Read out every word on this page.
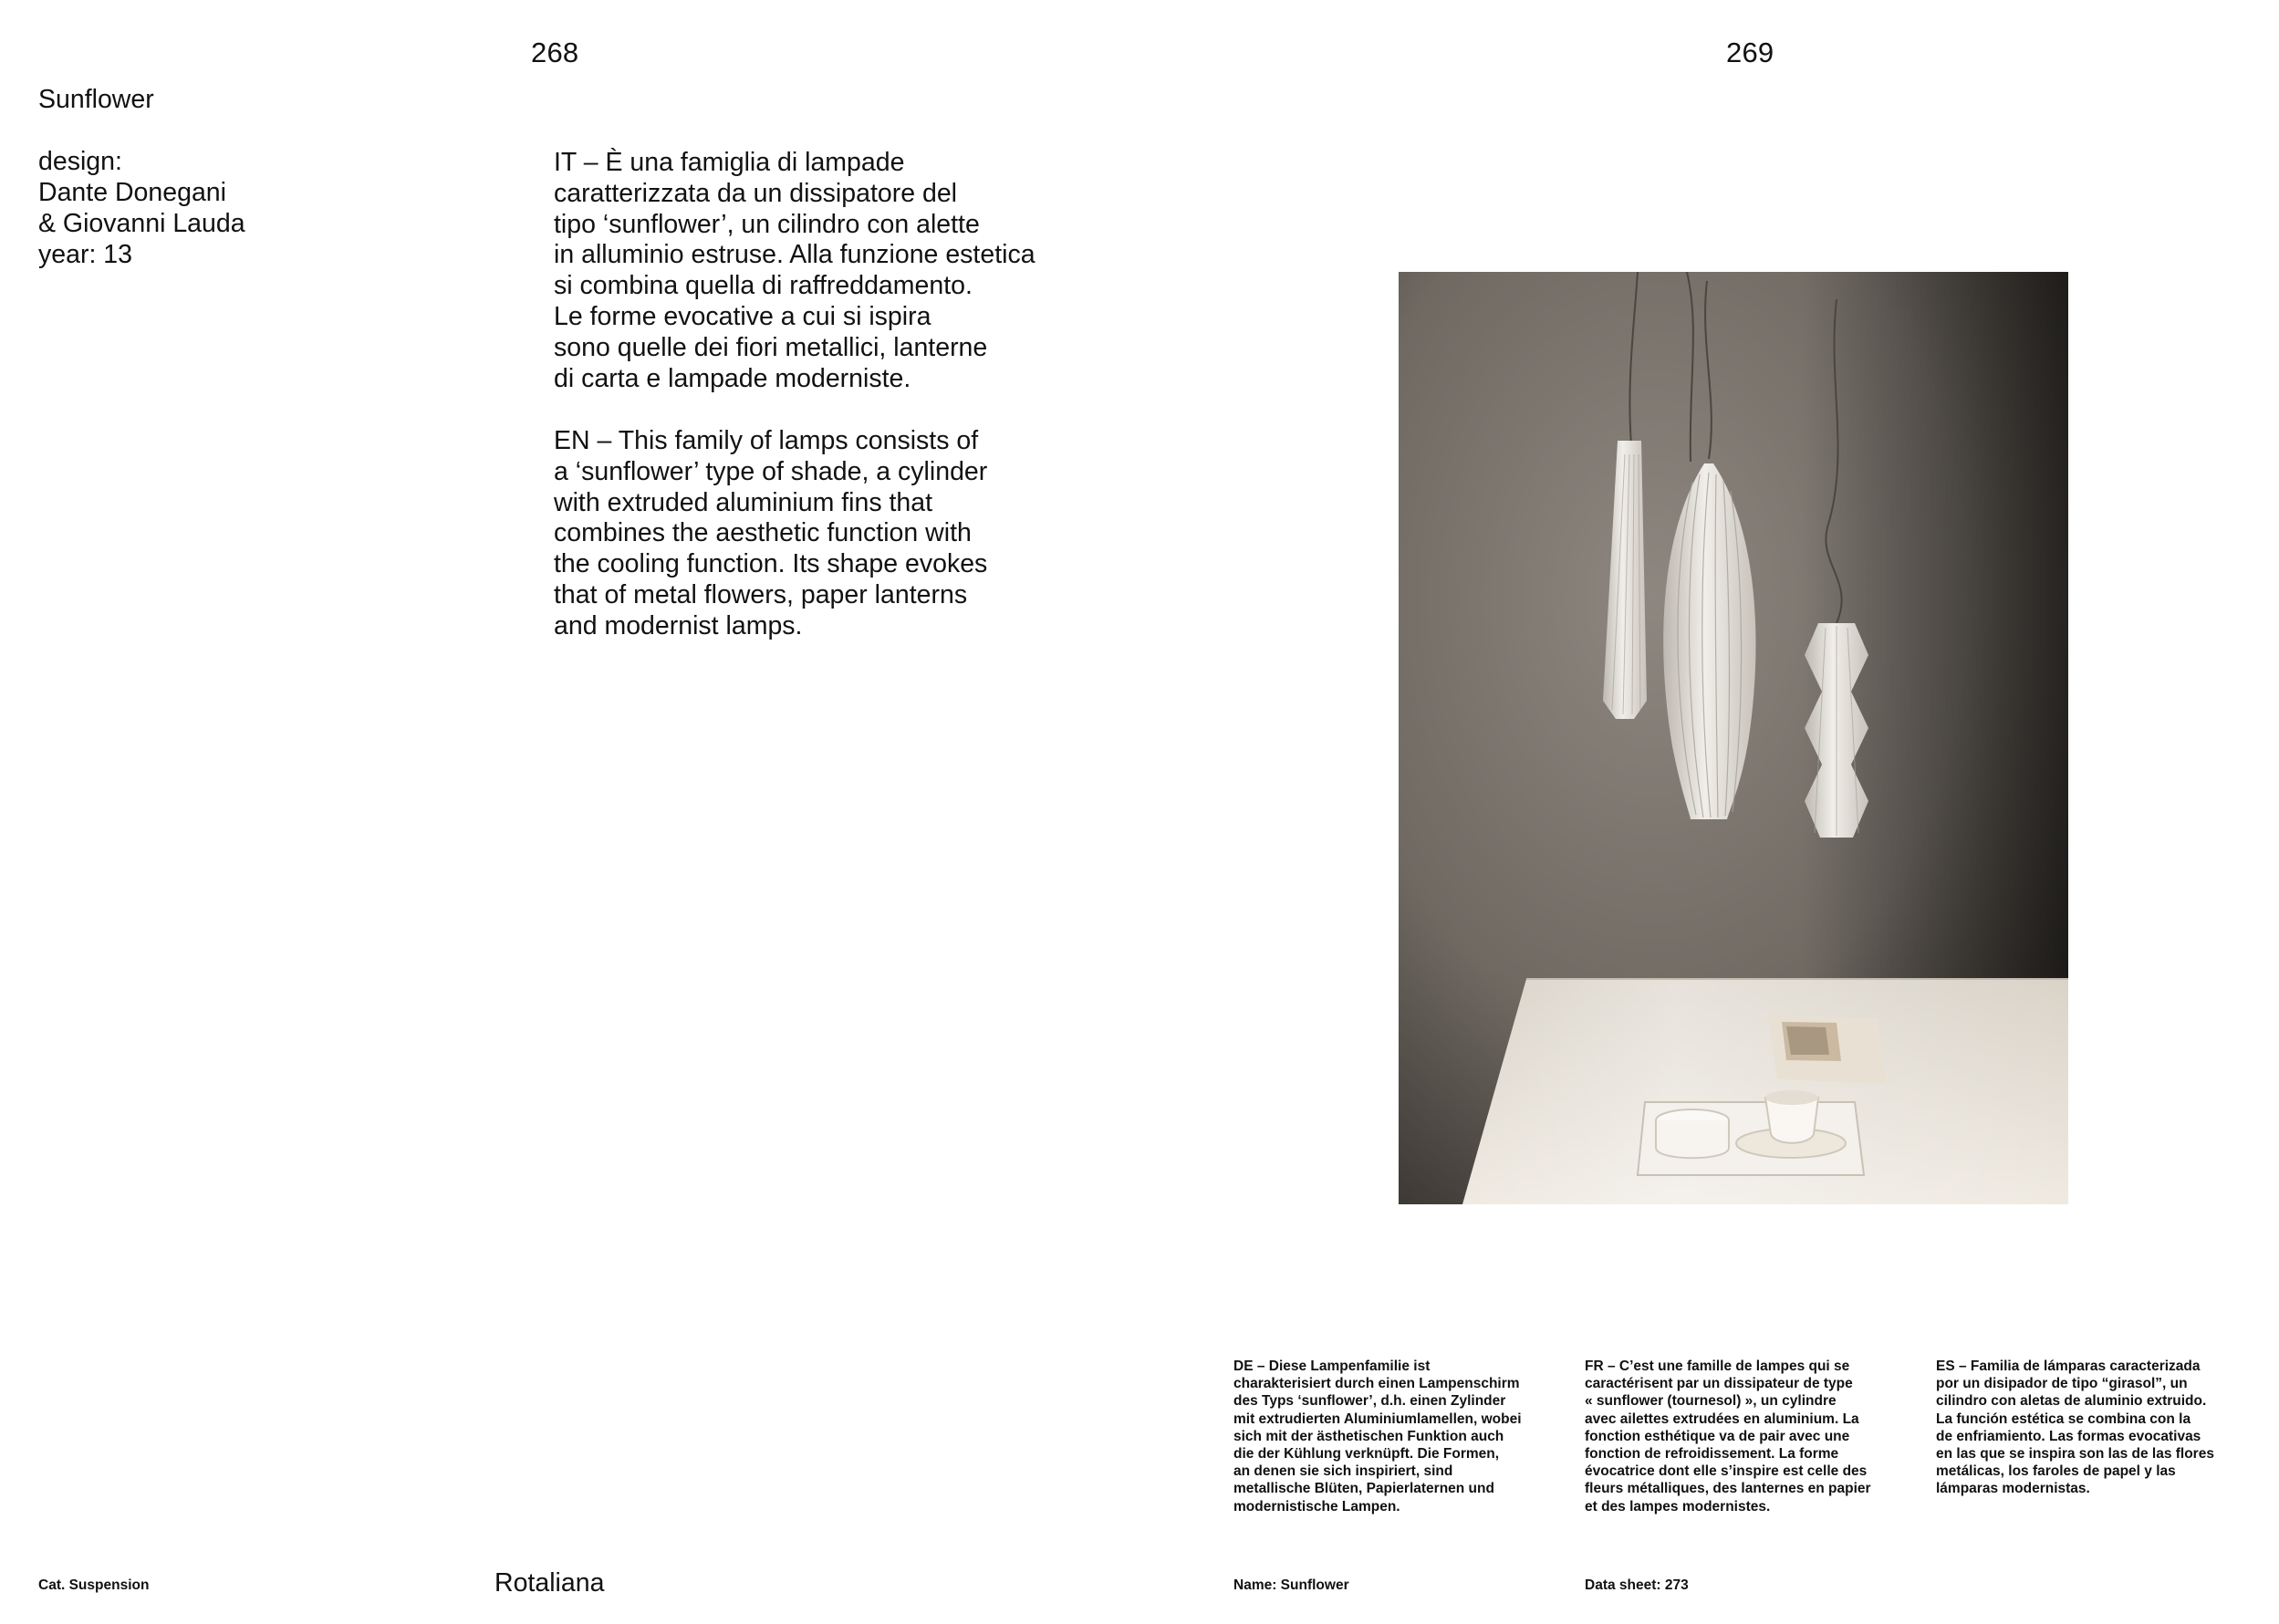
268

Sunflower

design:

Dante Donegani

& Giovanni Lauda

year: 13

IT – È una famiglia di lampade
caratterizzata da un dissipatore del
tipo ‘sunflower’, un cilindro con alette
in alluminio estruse. Alla funzione estetica
si combina quella di raffreddamento.
Le forme evocative a cui si ispira
sono quelle dei fiori metallici, lanterne
di carta e lampade moderniste.
EN – This family of lamps consists of
a ‘sunflower’ type of shade, a cylinder
with extruded aluminium fins that
combines the aesthetic function with
the cooling function. Its shape evokes
that of metal flowers, paper lanterns
and modernist lamps.
Cat. Suspension	Rotaliana
269
DE – Diese Lampenfamilie ist
charakterisiert durch einen Lampenschirm
des Typs ‘sunflower’, d.h. einen Zylinder
mit extrudierten Aluminiumlamellen, wobei
sich mit der ästhetischen Funktion auch
die der Kühlung verknüpft. Die Formen,
an denen sie sich inspiriert, sind
metallische Blüten, Papierlaternen und
modernistische Lampen.
FR – C’est une famille de lampes qui se
caractérisent par un dissipateur de type
« sunflower (tournesol) », un cylindre
avec ailettes extrudées en aluminium. La
fonction esthétique va de pair avec une
fonction de refroidissement. La forme
évocatrice dont elle s’inspire est celle des
fleurs métalliques, des lanternes en papier
et des lampes modernistes.
ES – Familia de lámparas caracterizada
por un disipador de tipo “girasol”, un
cilindro con aletas de aluminio extruido.
La función estética se combina con la
de enfriamiento. Las formas evocativas
en las que se inspira son las de las flores
metálicas, los faroles de papel y las
lámparas modernistas.
Name: Sunflower	Data sheet: 273
